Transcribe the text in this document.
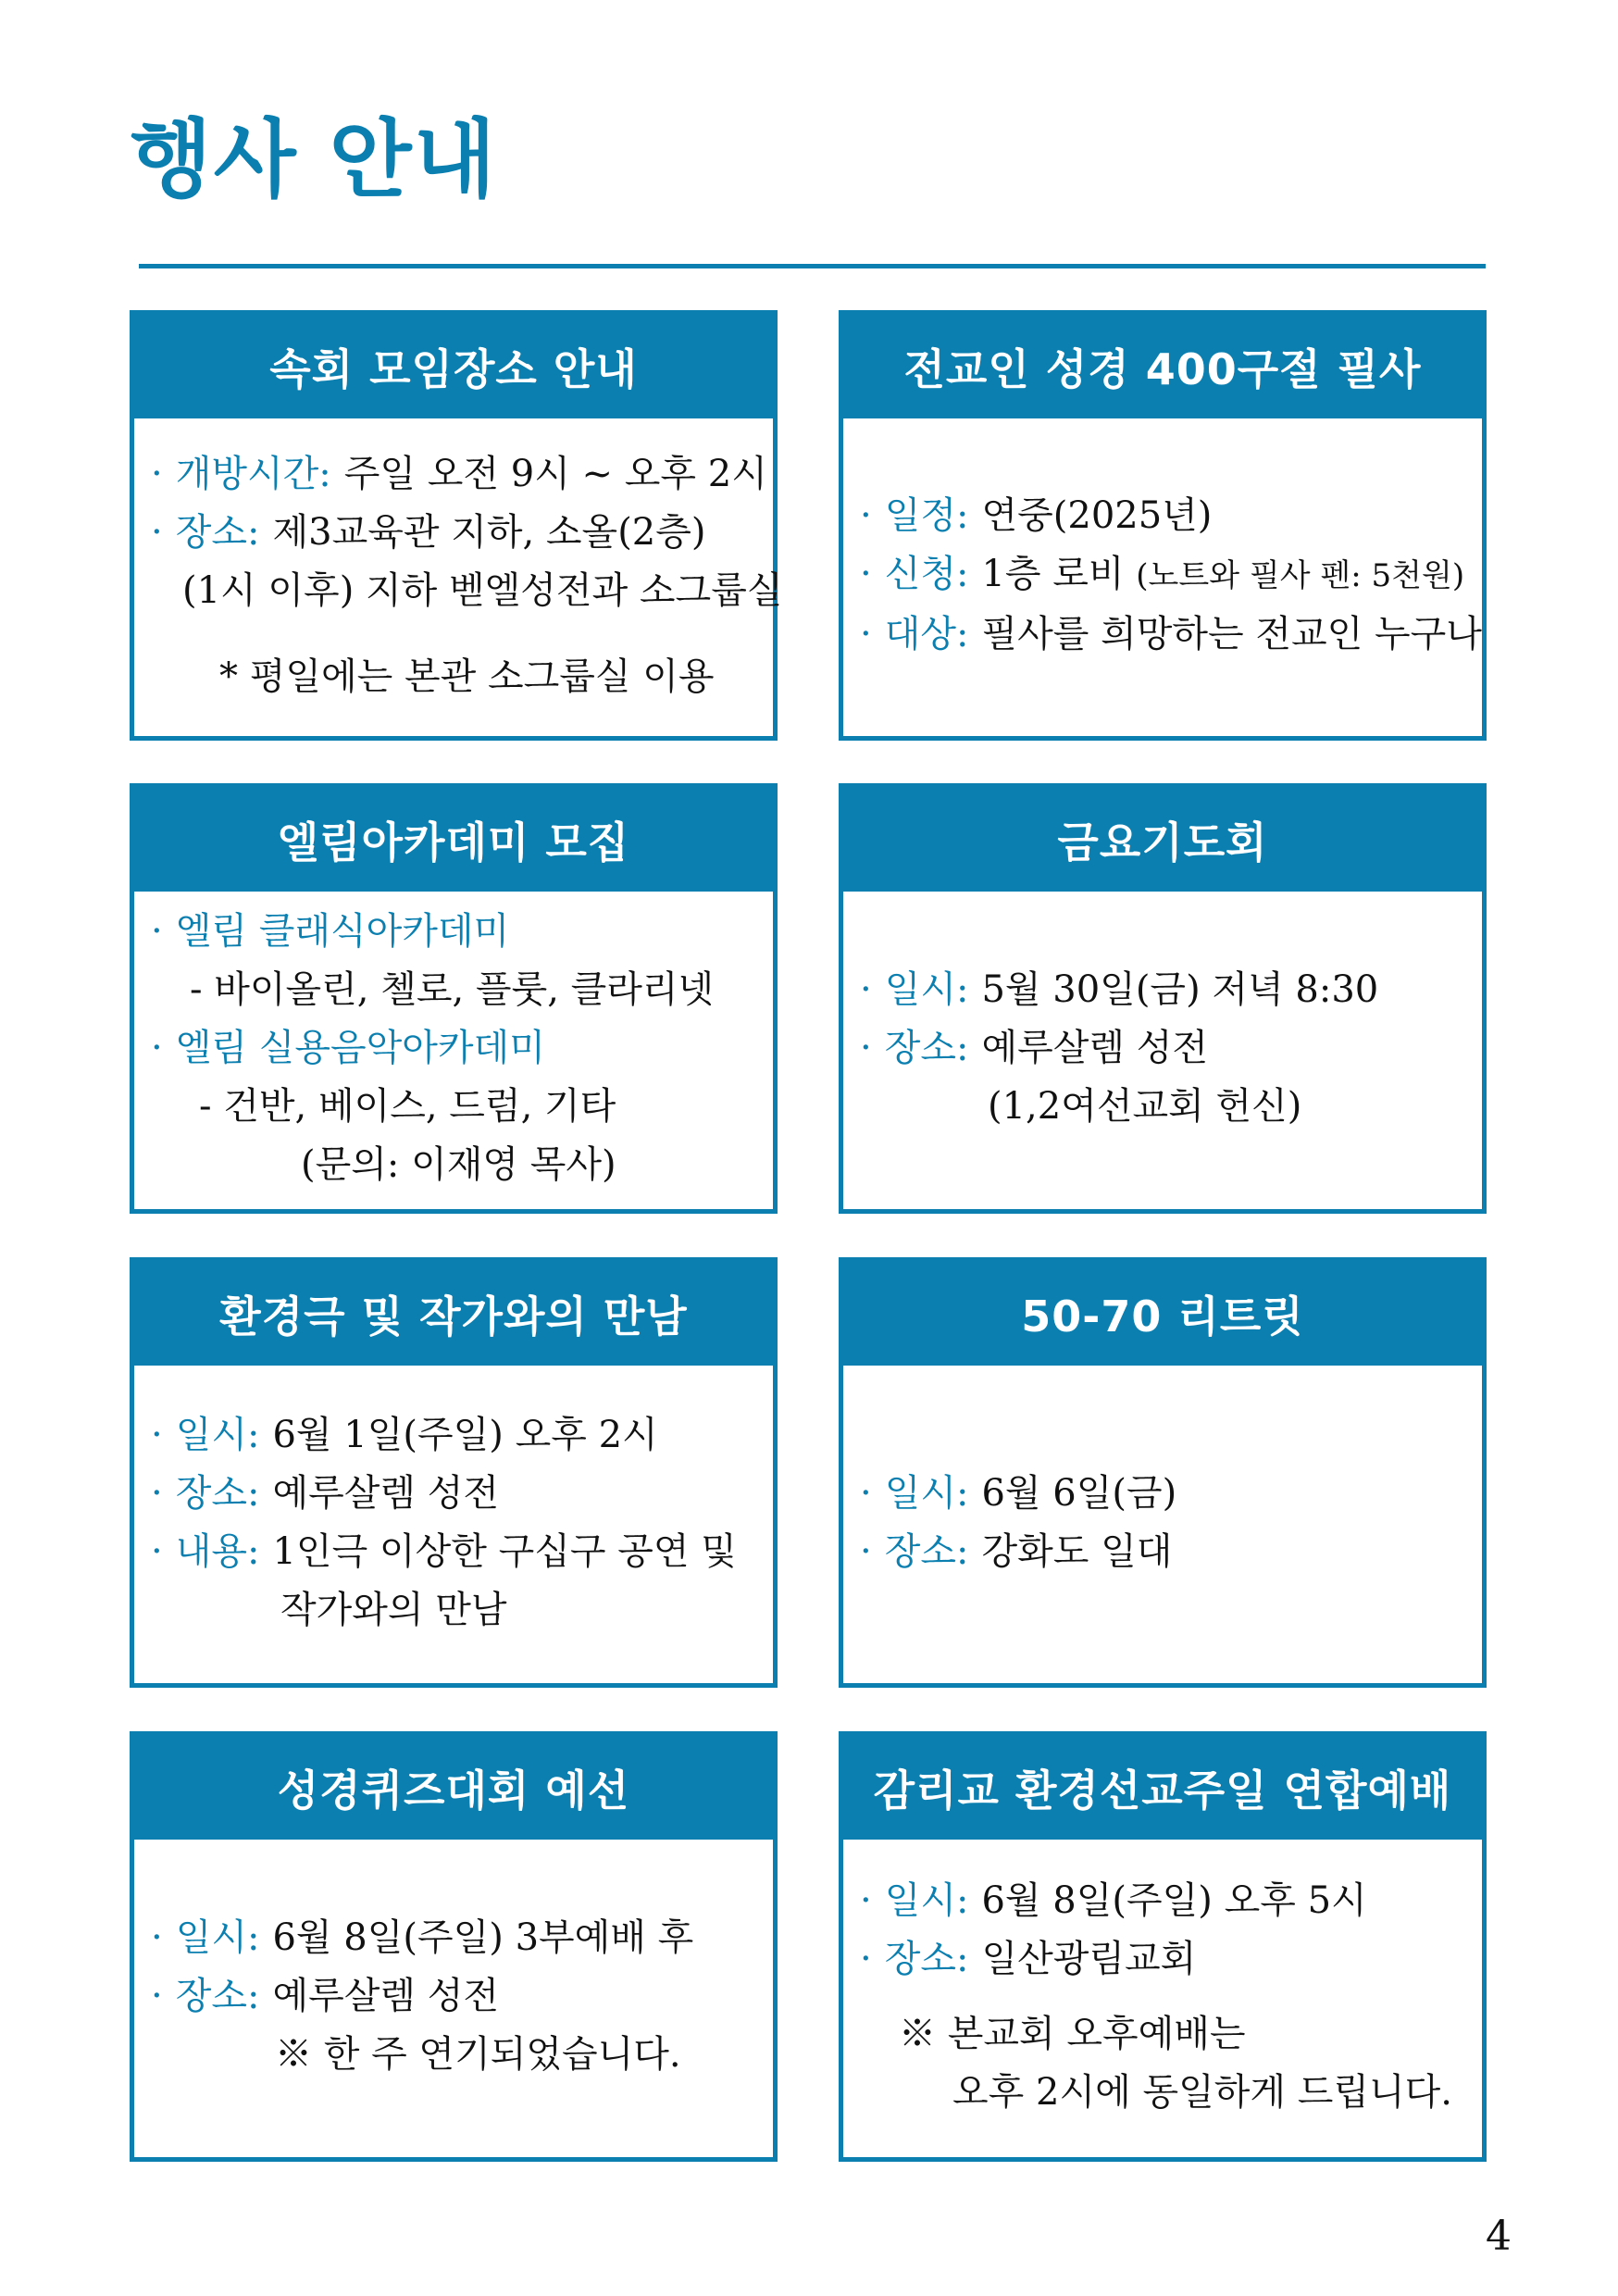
행사 안내
속회 모임장소 안내
· 개방시간: 주일 오전 9시 ~ 오후 2시
· 장소: 제3교육관 지하, 소올(2층)
(1시 이후) 지하 벧엘성전과 소그룹실
* 평일에는 본관 소그룹실 이용
전교인 성경 400구절 필사
· 일정: 연중(2025년)
· 신청: 1층 로비 (노트와 필사 펜: 5천원)
· 대상: 필사를 희망하는 전교인 누구나
엘림아카데미 모집
· 엘림 클래식아카데미
- 바이올린, 첼로, 플룻, 클라리넷
· 엘림 실용음악아카데미
- 건반, 베이스, 드럼, 기타
(문의: 이재영 목사)
금요기도회
· 일시: 5월 30일(금) 저녁 8:30
· 장소: 예루살렘 성전
(1,2여선교회 헌신)
환경극 및 작가와의 만남
· 일시: 6월 1일(주일) 오후 2시
· 장소: 예루살렘 성전
· 내용: 1인극 이상한 구십구 공연 및
작가와의 만남
50-70 리트릿
· 일시: 6월 6일(금)
· 장소: 강화도 일대
성경퀴즈대회 예선
· 일시: 6월 8일(주일) 3부예배 후
· 장소: 예루살렘 성전
※ 한 주 연기되었습니다.
감리교 환경선교주일 연합예배
· 일시: 6월 8일(주일) 오후 5시
· 장소: 일산광림교회
※ 본교회 오후예배는
오후 2시에 동일하게 드립니다.
4
